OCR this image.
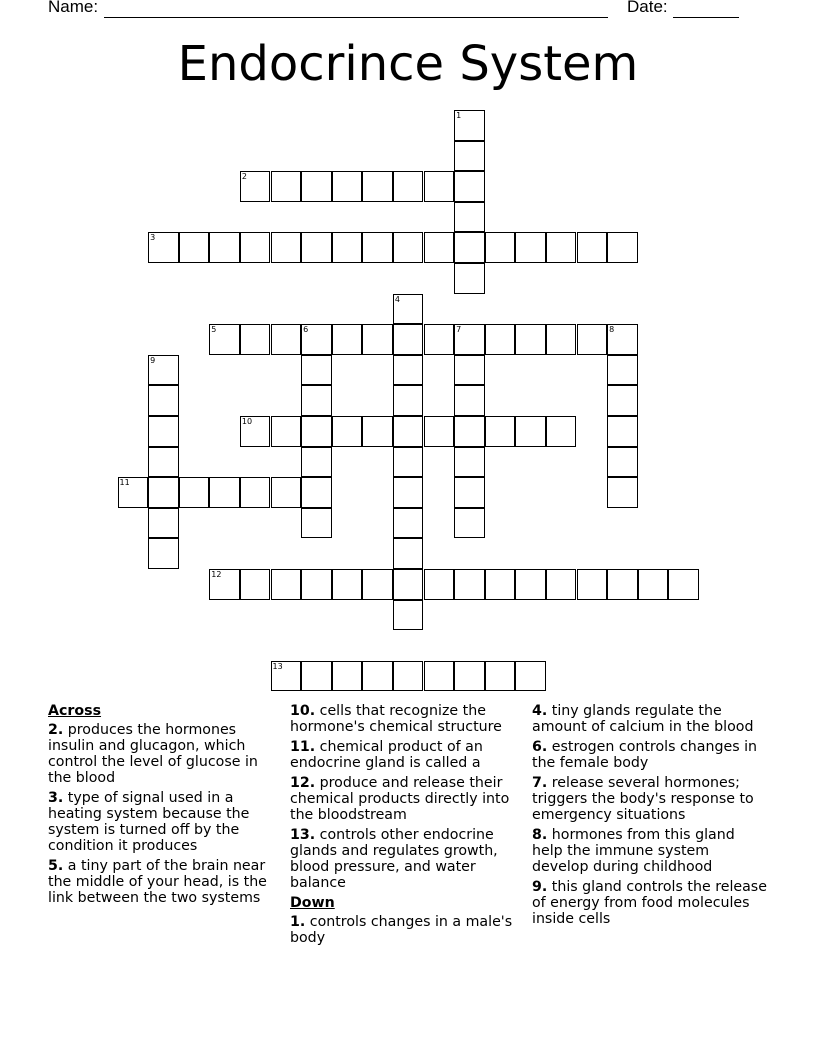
Name:	Date:
Endocrince System
1
2
3
4
5	6	7	8
9
10
11
12
13
Across
2. produces the hormones insulin and glucagon, which control the level of glucose in the blood
3. type of signal used in a heating system because the system is turned off by the condition it produces
5. a tiny part of the brain near the middle of your head, is the link between the two systems
10. cells that recognize the hormone's chemical structure
11. chemical product of an endocrine gland is called a
12. produce and release their chemical products directly into the bloodstream
13. controls other endocrine glands and regulates growth, blood pressure, and water balance
Down
1. controls changes in a male's body
4. tiny glands regulate the amount of calcium in the blood
6. estrogen controls changes in the female body
7. release several hormones; triggers the body's response to emergency situations
8. hormones from this gland help the immune system develop during childhood
9. this gland controls the release of energy from food molecules inside cells
